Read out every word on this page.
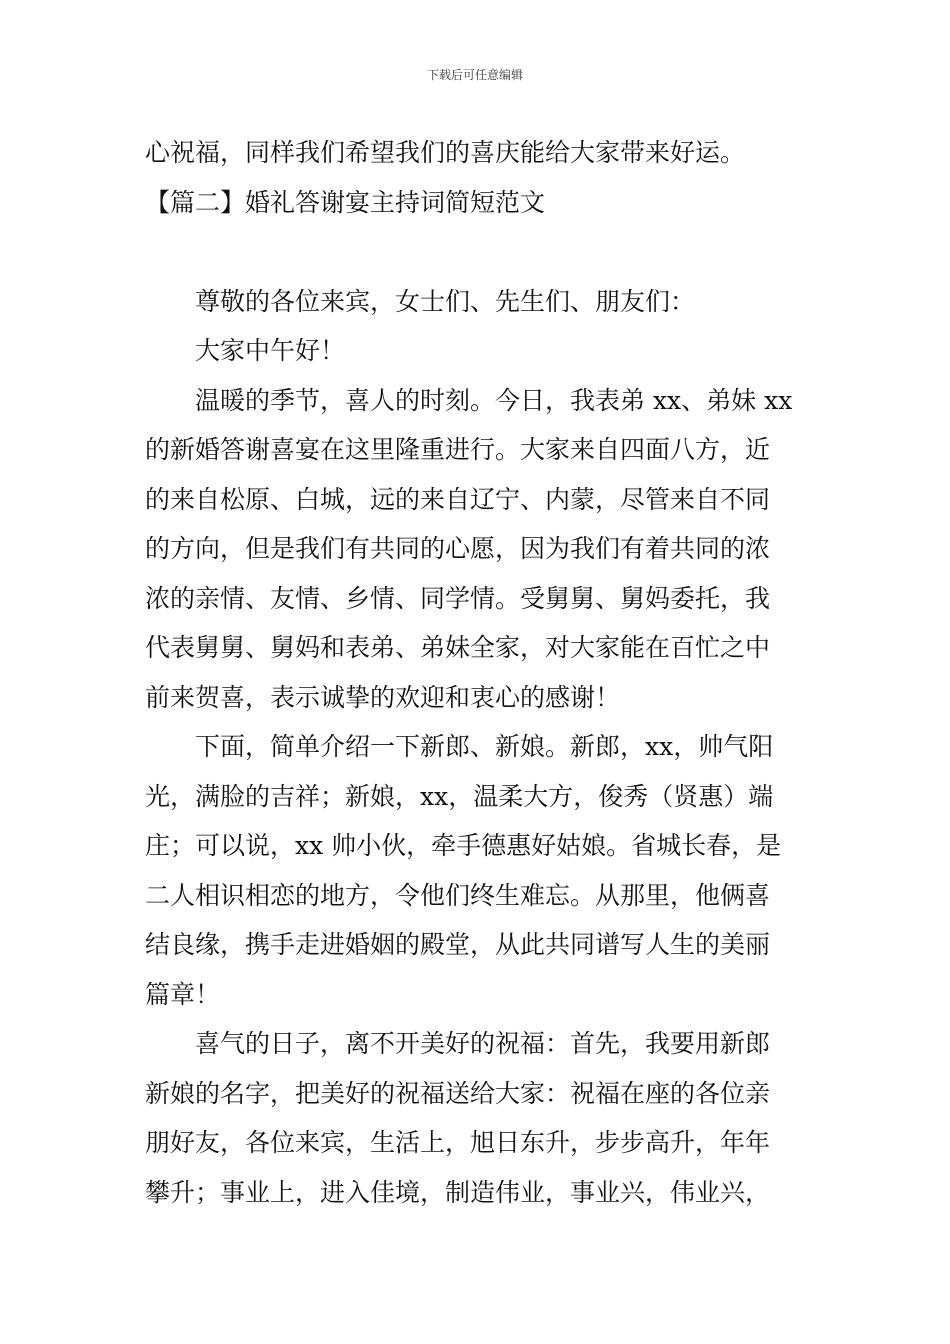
下载后可任意编辑
心祝福，同样我们希望我们的喜庆能给大家带来好运。
【篇二】婚礼答谢宴主持词简短范文
尊敬的各位来宾，女士们、先生们、朋友们：
大家中午好！
温暖的季节，喜人的时刻。今日，我表弟 xx、弟妹 xx
的新婚答谢喜宴在这里隆重进行。大家来自四面八方，近
的来自松原、白城，远的来自辽宁、内蒙，尽管来自不同
的方向，但是我们有共同的心愿，因为我们有着共同的浓
浓的亲情、友情、乡情、同学情。受舅舅、舅妈委托，我
代表舅舅、舅妈和表弟、弟妹全家，对大家能在百忙之中
前来贺喜，表示诚挚的欢迎和衷心的感谢！
下面，简单介绍一下新郎、新娘。新郎，xx，帅气阳
光，满脸的吉祥；新娘，xx，温柔大方，俊秀（贤惠）端
庄；可以说，xx 帅小伙，牵手德惠好姑娘。省城长春，是
二人相识相恋的地方，令他们终生难忘。从那里，他俩喜
结良缘，携手走进婚姻的殿堂，从此共同谱写人生的美丽
篇章！
喜气的日子，离不开美好的祝福：首先，我要用新郎
新娘的名字，把美好的祝福送给大家：祝福在座的各位亲
朋好友，各位来宾，生活上，旭日东升，步步高升，年年
攀升；事业上，进入佳境，制造伟业，事业兴，伟业兴，
